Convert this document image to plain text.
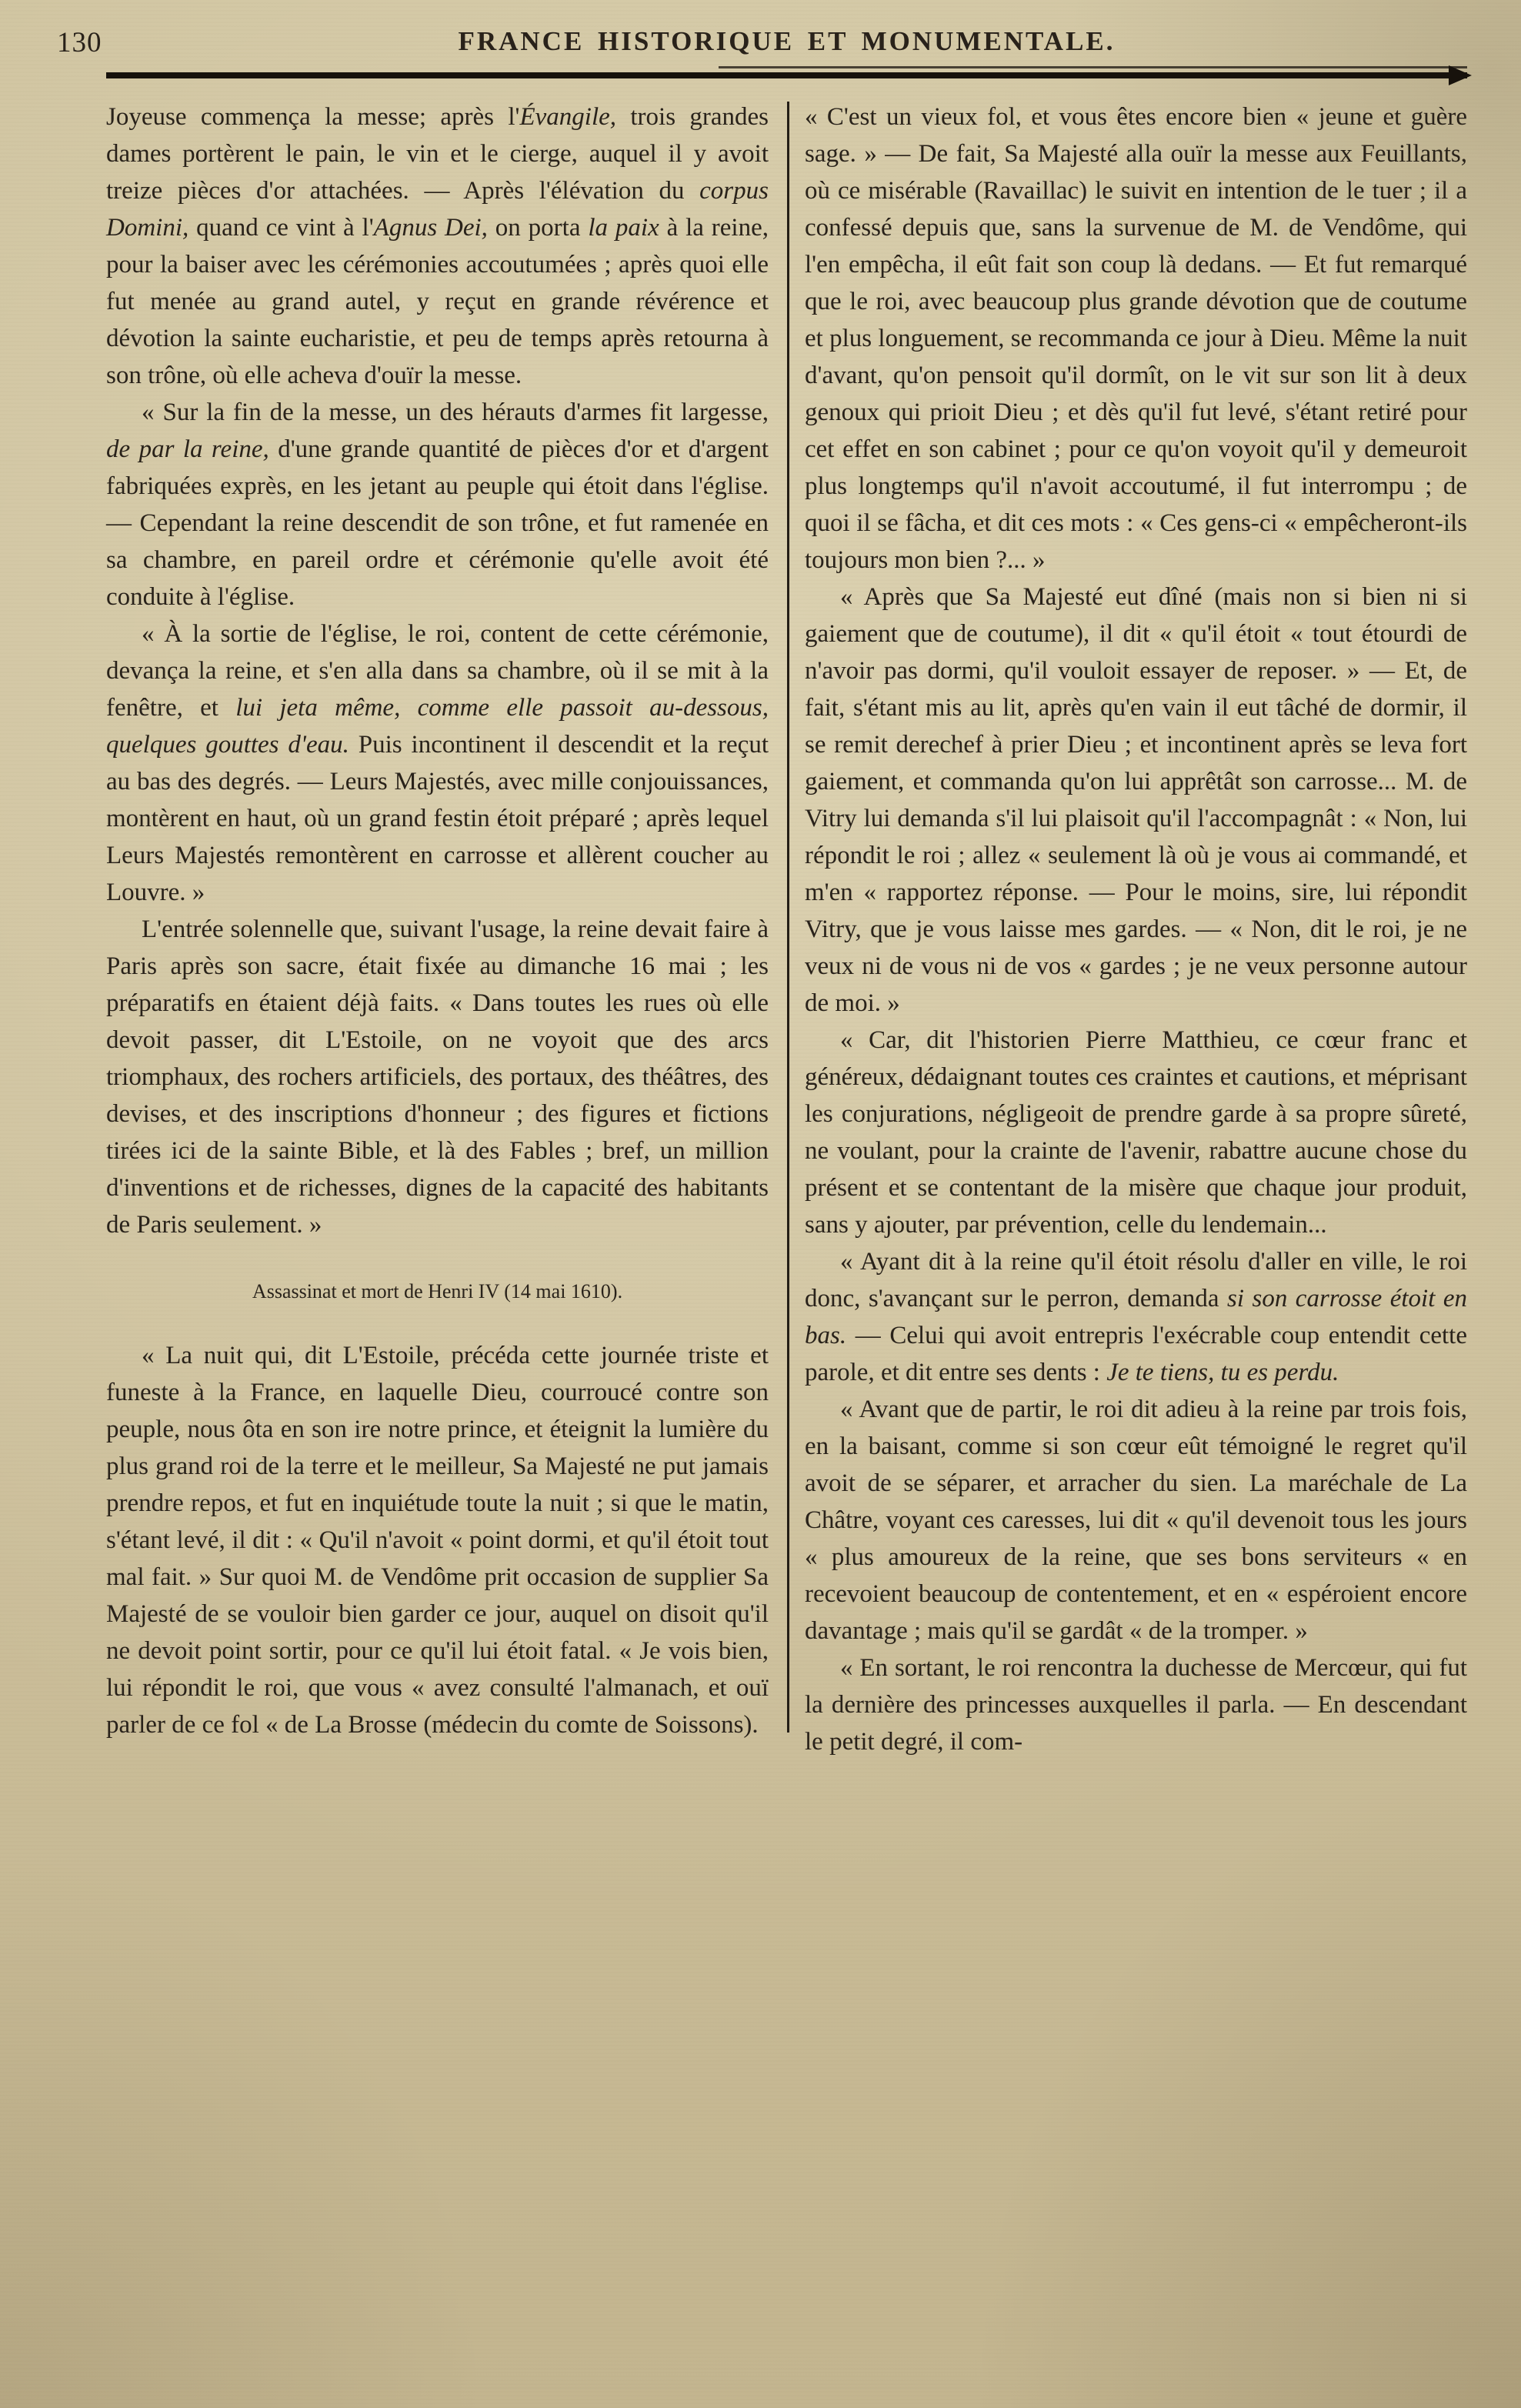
130	FRANCE HISTORIQUE ET MONUMENTALE.

Joyeuse commença la messe; après l'Évangile, trois grandes dames portèrent le pain, le vin et le cierge, auquel il y avoit treize pièces d'or attachées. — Après l'élévation du corpus Domini, quand ce vint à l'Agnus Dei, on porta la paix à la reine, pour la baiser avec les cérémonies accoutumées ; après quoi elle fut menée au grand autel, y reçut en grande révérence et dévotion la sainte eucharistie, et peu de temps après retourna à son trône, où elle acheva d'ouïr la messe.

« Sur la fin de la messe, un des hérauts d'armes fit largesse, de par la reine, d'une grande quantité de pièces d'or et d'argent fabriquées exprès, en les jetant au peuple qui étoit dans l'église. — Cependant la reine descendit de son trône, et fut ramenée en sa chambre, en pareil ordre et cérémonie qu'elle avoit été conduite à l'église.

« À la sortie de l'église, le roi, content de cette cérémonie, devança la reine, et s'en alla dans sa chambre, où il se mit à la fenêtre, et lui jeta même, comme elle passoit au-dessous, quelques gouttes d'eau. Puis incontinent il descendit et la reçut au bas des degrés. — Leurs Majestés, avec mille conjouissances, montèrent en haut, où un grand festin étoit préparé ; après lequel Leurs Majestés remontèrent en carrosse et allèrent coucher au Louvre. »

L'entrée solennelle que, suivant l'usage, la reine devait faire à Paris après son sacre, était fixée au dimanche 16 mai ; les préparatifs en étaient déjà faits. « Dans toutes les rues où elle devoit passer, dit L'Estoile, on ne voyoit que des arcs triomphaux, des rochers artificiels, des portaux, des théâtres, des devises, et des inscriptions d'honneur ; des figures et fictions tirées ici de la sainte Bible, et là des Fables ; bref, un million d'inventions et de richesses, dignes de la capacité des habitants de Paris seulement. »

Assassinat et mort de Henri IV (14 mai 1610).

« La nuit qui, dit L'Estoile, précéda cette journée triste et funeste à la France, en laquelle Dieu, courroucé contre son peuple, nous ôta en son ire notre prince, et éteignit la lumière du plus grand roi de la terre et le meilleur, Sa Majesté ne put jamais prendre repos, et fut en inquiétude toute la nuit ; si que le matin, s'étant levé, il dit : « Qu'il n'avoit « point dormi, et qu'il étoit tout mal fait. » Sur quoi M. de Vendôme prit occasion de supplier Sa Majesté de se vouloir bien garder ce jour, auquel on disoit qu'il ne devoit point sortir, pour ce qu'il lui étoit fatal. « Je vois bien, lui répondit le roi, que vous « avez consulté l'almanach, et ouï parler de ce fol « de La Brosse (médecin du comte de Soissons).

« C'est un vieux fol, et vous êtes encore bien « jeune et guère sage. » — De fait, Sa Majesté alla ouïr la messe aux Feuillants, où ce misérable (Ravaillac) le suivit en intention de le tuer ; il a confessé depuis que, sans la survenue de M. de Vendôme, qui l'en empêcha, il eût fait son coup là dedans. — Et fut remarqué que le roi, avec beaucoup plus grande dévotion que de coutume et plus longuement, se recommanda ce jour à Dieu. Même la nuit d'avant, qu'on pensoit qu'il dormît, on le vit sur son lit à deux genoux qui prioit Dieu ; et dès qu'il fut levé, s'étant retiré pour cet effet en son cabinet ; pour ce qu'on voyoit qu'il y demeuroit plus longtemps qu'il n'avoit accoutumé, il fut interrompu ; de quoi il se fâcha, et dit ces mots : « Ces gens-ci « empêcheront-ils toujours mon bien ?... »

« Après que Sa Majesté eut dîné (mais non si bien ni si gaiement que de coutume), il dit « qu'il étoit « tout étourdi de n'avoir pas dormi, qu'il vouloit essayer de reposer. » — Et, de fait, s'étant mis au lit, après qu'en vain il eut tâché de dormir, il se remit derechef à prier Dieu ; et incontinent après se leva fort gaiement, et commanda qu'on lui apprêtât son carrosse... M. de Vitry lui demanda s'il lui plaisoit qu'il l'accompagnât : « Non, lui répondit le roi ; allez « seulement là où je vous ai commandé, et m'en « rapportez réponse. — Pour le moins, sire, lui répondit Vitry, que je vous laisse mes gardes. — « Non, dit le roi, je ne veux ni de vous ni de vos « gardes ; je ne veux personne autour de moi. »

« Car, dit l'historien Pierre Matthieu, ce cœur franc et généreux, dédaignant toutes ces craintes et cautions, et méprisant les conjurations, négligeoit de prendre garde à sa propre sûreté, ne voulant, pour la crainte de l'avenir, rabattre aucune chose du présent et se contentant de la misère que chaque jour produit, sans y ajouter, par prévention, celle du lendemain...

« Ayant dit à la reine qu'il étoit résolu d'aller en ville, le roi donc, s'avançant sur le perron, demanda si son carrosse étoit en bas. — Celui qui avoit entrepris l'exécrable coup entendit cette parole, et dit entre ses dents : Je te tiens, tu es perdu.

« Avant que de partir, le roi dit adieu à la reine par trois fois, en la baisant, comme si son cœur eût témoigné le regret qu'il avoit de se séparer, et arracher du sien. La maréchale de La Châtre, voyant ces caresses, lui dit « qu'il devenoit tous les jours « plus amoureux de la reine, que ses bons serviteurs « en recevoient beaucoup de contentement, et en « espéroient encore davantage ; mais qu'il se gardât « de la tromper. »

« En sortant, le roi rencontra la duchesse de Mercœur, qui fut la dernière des princesses auxquelles il parla. — En descendant le petit degré, il com-
